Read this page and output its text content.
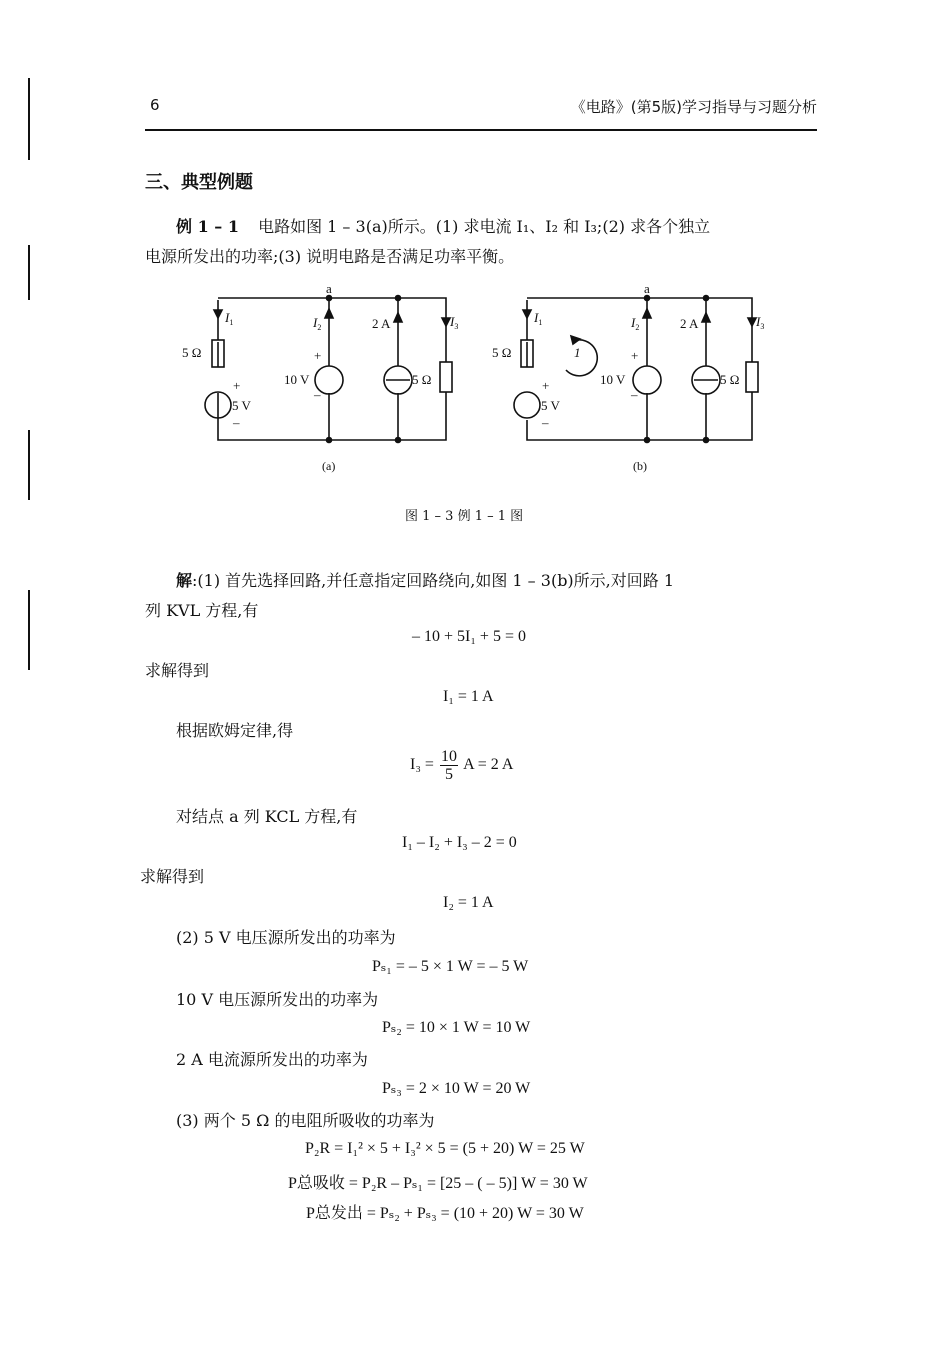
6	《电路》(第5版)学习指导与习题分析
三、典型例题
例 1 – 1 电路如图 1 – 3(a)所示。(1) 求电流 I₁、I₂ 和 I₃;(2) 求各个独立
电源所发出的功率;(3) 说明电路是否满足功率平衡。
a
$I_1$	$I_2$	$I_3$
2 A
5 Ω
+
5 V
–
+
10 V
–
5 Ω
(a)
a
$I_1$	$I_2$	$I_3$
2 A
5 Ω	1
+
5 V
–
+
10 V
–
5 Ω
(b)
图 1 – 3 例 1 – 1 图
解:(1) 首先选择回路,并任意指定回路绕向,如图 1 – 3(b)所示,对回路 1
列 KVL 方程,有
– 10 + 5I₁ + 5 = 0
求解得到
I₁ = 1 A
根据欧姆定律,得
$I_3 = \frac{10}{5}$ A = 2 A
对结点 a 列 KCL 方程,有
I₁ – I₂ + I₃ – 2 = 0
求解得到
I₂ = 1 A
(2) 5 V 电压源所发出的功率为
Pₛ₁ = – 5 × 1 W = – 5 W
10 V 电压源所发出的功率为
Pₛ₂ = 10 × 1 W = 10 W
2 A 电流源所发出的功率为
Pₛ₃ = 2 × 10 W = 20 W
(3) 两个 5 Ω 的电阻所吸收的功率为
P₂R = I₁² × 5 + I₃² × 5 = (5 + 20) W = 25 W
P总吸收 = P₂R – Pₛ₁ = [25 – ( – 5)] W = 30 W
P总发出 = Pₛ₂ + Pₛ₃ = (10 + 20) W = 30 W
